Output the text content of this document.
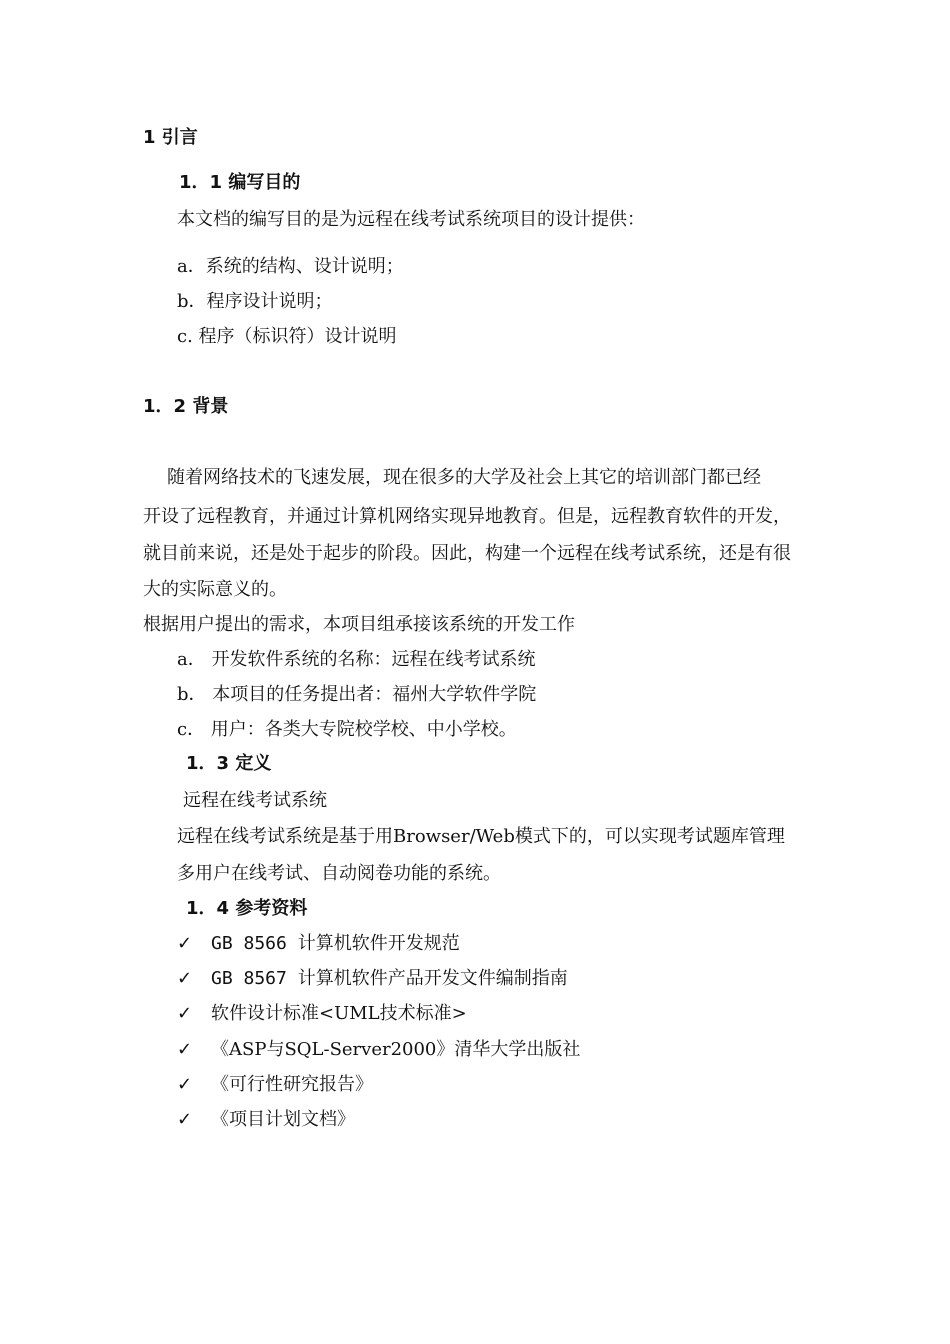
1 引言
1．1 编写目的
本文档的编写目的是为远程在线考试系统项目的设计提供：
a．系统的结构、设计说明；
b．程序设计说明；
c. 程序（标识符）设计说明
1．2 背景
随着网络技术的飞速发展，现在很多的大学及社会上其它的培训部门都已经
开设了远程教育，并通过计算机网络实现异地教育。但是，远程教育软件的开发，
就目前来说，还是处于起步的阶段。因此，构建一个远程在线考试系统，还是有很
大的实际意义的。
根据用户提出的需求，本项目组承接该系统的开发工作
a． 开发软件系统的名称：远程在线考试系统
b． 本项目的任务提出者：福州大学软件学院
c． 用户：各类大专院校学校、中小学校。
1．3 定义
远程在线考试系统
远程在线考试系统是基于用Browser/Web模式下的，可以实现考试题库管理
多用户在线考试、自动阅卷功能的系统。
1．4 参考资料
✓ GB 8566 计算机软件开发规范
✓ GB 8567 计算机软件产品开发文件编制指南
✓ 软件设计标准<UML技术标准>
✓ 《ASP与SQL-Server2000》清华大学出版社
✓ 《可行性研究报告》
✓ 《项目计划文档》
